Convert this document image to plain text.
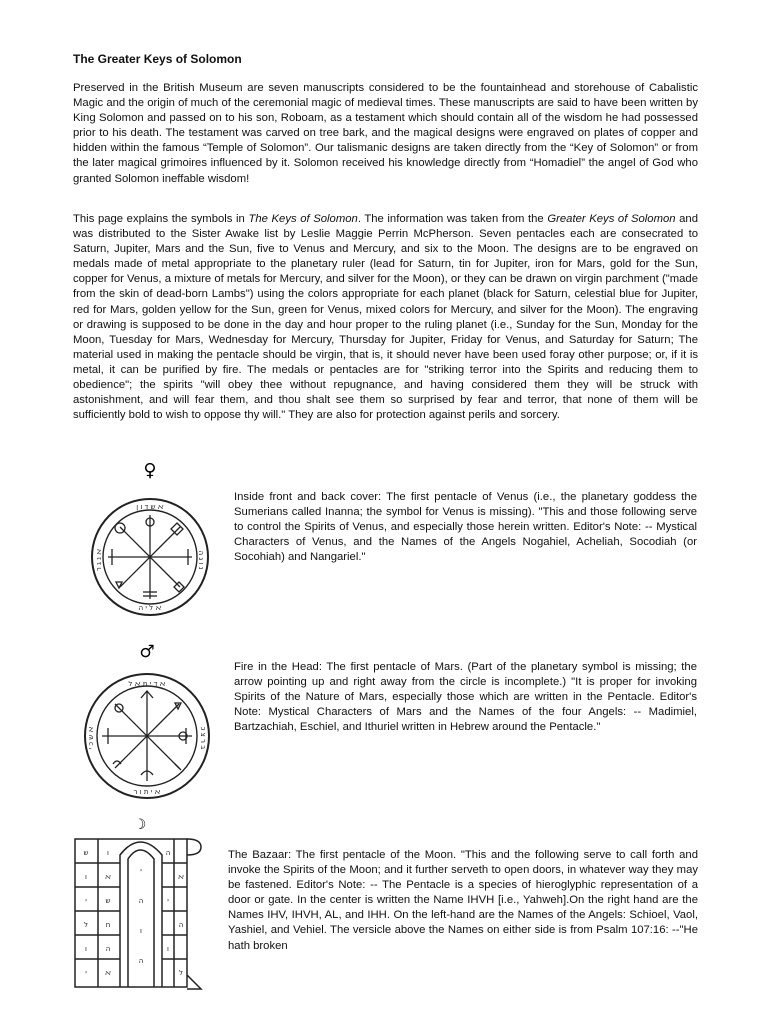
The Greater Keys of Solomon

Preserved in the British Museum are seven manuscripts considered to be the fountainhead and storehouse of Cabalistic Magic and the origin of much of the ceremonial magic of medieval times. These manuscripts are said to have been written by King Solomon and passed on to his son, Roboam, as a testament which should contain all of the wisdom he had possessed prior to his death. The testament was carved on tree bark, and the magical designs were engraved on plates of copper and hidden within the famous “Temple of Solomon”. Our talismanic designs are taken directly from the “Key of Solomon” or from the later magical grimoires influenced by it. Solomon received his knowledge directly from “Homadiel” the angel of God who granted Solomon ineffable wisdom!

This page explains the symbols in The Keys of Solomon. The information was taken from the Greater Keys of Solomon and was distributed to the Sister Awake list by Leslie Maggie Perrin McPherson. Seven pentacles each are consecrated to Saturn, Jupiter, Mars and the Sun, five to Venus and Mercury, and six to the Moon. The designs are to be engraved on medals made of metal appropriate to the planetary ruler (lead for Saturn, tin for Jupiter, iron for Mars, gold for the Sun, copper for Venus, a mixture of metals for Mercury, and silver for the Moon), or they can be drawn on virgin parchment ("made from the skin of dead-born Lambs") using the colors appropriate for each planet (black for Saturn, celestial blue for Jupiter, red for Mars, golden yellow for the Sun, green for Venus, mixed colors for Mercury, and silver for the Moon). The engraving or drawing is supposed to be done in the day and hour proper to the ruling planet (i.e., Sunday for the Sun, Monday for the Moon, Tuesday for Mars, Wednesday for Mercury, Thursday for Jupiter, Friday for Venus, and Saturday for Saturn; The material used in making the pentacle should be virgin, that is, it should never have been used foray other purpose; or, if it is metal, it can be purified by fire. The medals or pentacles are for "striking terror into the Spirits and reducing them to obedience"; the spirits "will obey thee without repugnance, and having considered them they will be struck with astonishment, and will fear them, and thou shalt see them so surprised by fear and terror, that none of them will be sufficiently bold to wish to oppose thy will." They are also for protection against perils and sorcery.

♀
ﬡ ש ד ו ן
ﬡ ל י ה
ﬡ נ ג ר	נ ו ג ה

Inside front and back cover: The first pentacle of Venus (i.e., the planetary goddess the Sumerians called Inanna; the symbol for Venus is missing). "This and those following serve to control the Spirits of Venus, and especially those herein written. Editor's Note: -- Mystical Characters of Venus, and the Names of the Angels Nogahiel, Acheliah, Socodiah (or Socohiah) and Nangariel."

♂
ﬡ ד י מ ﬡ ל
ﬡ י ת ו ר
ﬡ ש כ י	ב ר צ כ

Fire in the Head: The first pentacle of Mars. (Part of the planetary symbol is missing; the arrow pointing up and right away from the circle is incomplete.) "It is proper for invoking Spirits of the Nature of Mars, especially those which are written in the Pentacle. Editor's Note: Mystical Characters of Mars and the Names of the four Angels: -- Madimiel, Bartzachiah, Eschiel, and Ithuriel written in Hebrew around the Pentacle."

☽
ש	ו
ו	ﬡ
י	ש
ל	ח
ו	ה
י	ﬡ
י
ה
ו
ה
ה
ﬡ
י
ה
ו
ל

The Bazaar: The first pentacle of the Moon. "This and the following serve to call forth and invoke the Spirits of the Moon; and it further serveth to open doors, in whatever way they may be fastened. Editor's Note: -- The Pentacle is a species of hieroglyphic representation of a door or gate. In the center is written the Name IHVH [i.e., Yahweh].On the right hand are the Names IHV, IHVH, AL, and IHH. On the left-hand are the Names of the Angels: Schioel, Vaol, Yashiel, and Vehiel. The versicle above the Names on either side is from Psalm 107:16: --"He hath broken
